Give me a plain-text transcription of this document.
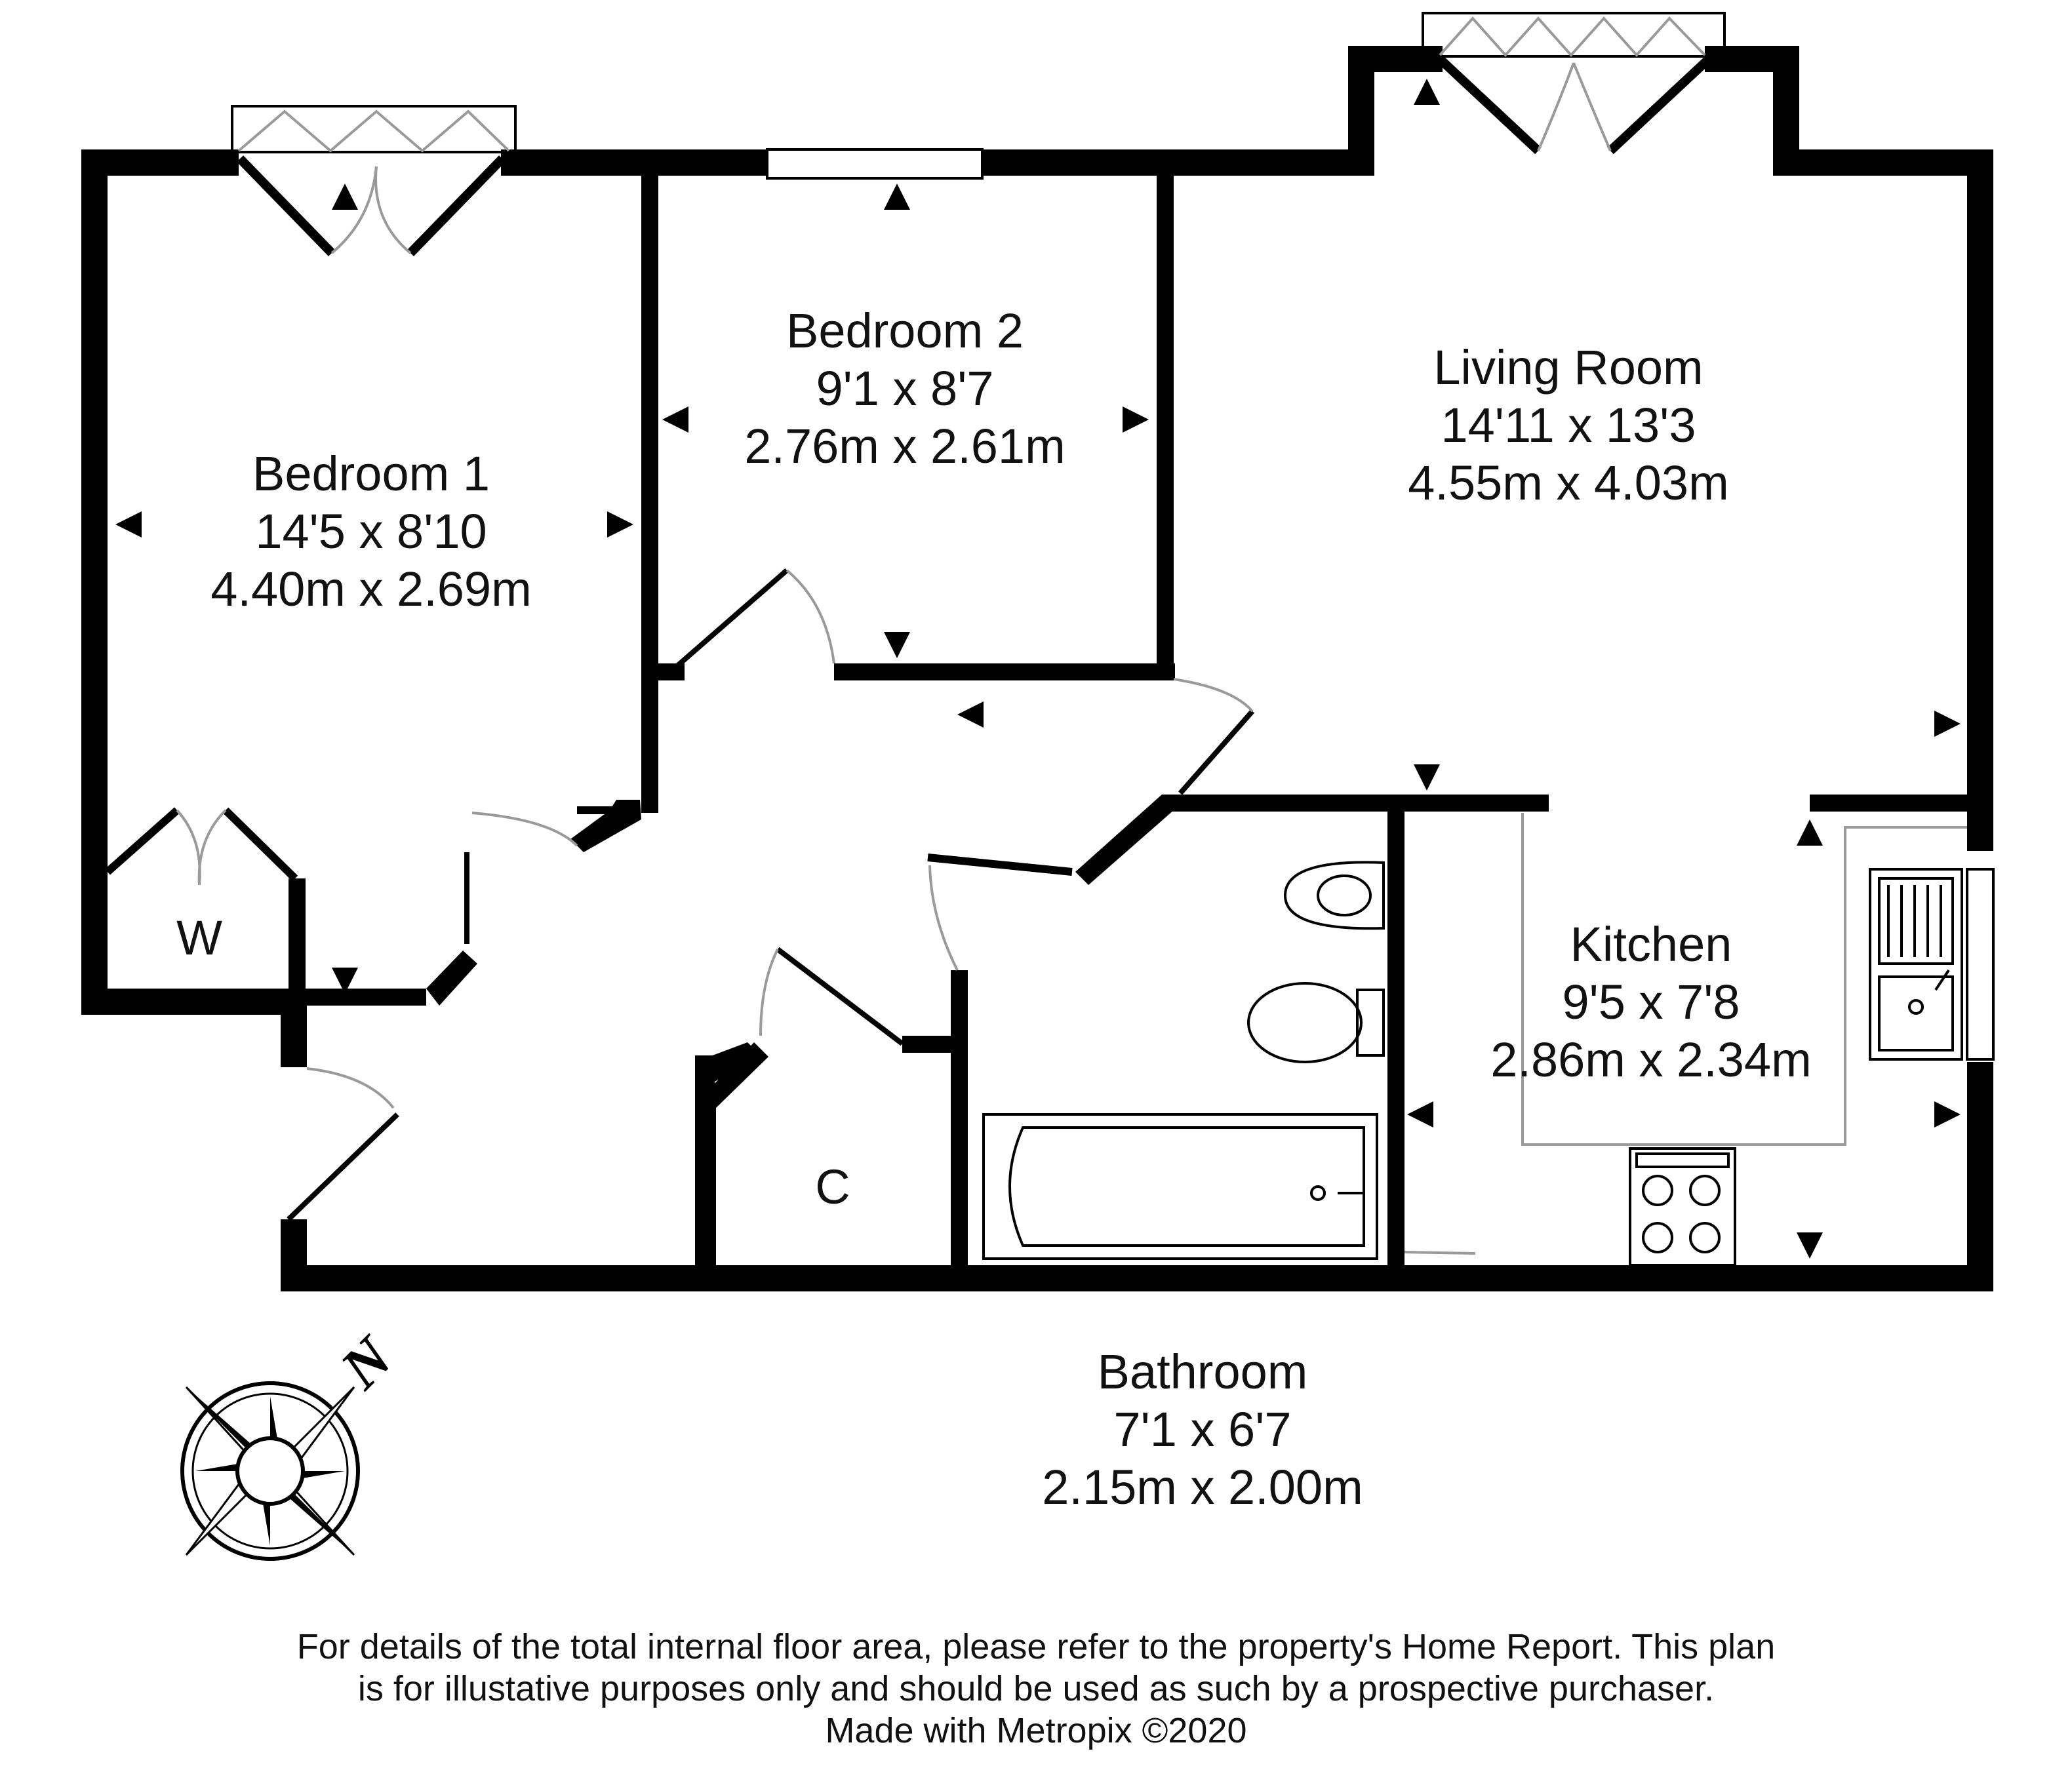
Bedroom 1
14'5 x 8'10
4.40m x 2.69m
Bedroom 2
9'1 x 8'7
2.76m x 2.61m
Living Room
14'11 x 13'3
4.55m x 4.03m
Kitchen
9'5 x 7'8
2.86m x 2.34m
Bathroom
7'1 x 6'7
2.15m x 2.00m
W
C
N
For details of the total internal floor area, please refer to the property's Home Report. This plan
is for illustative purposes only and should be used as such by a prospective purchaser.
Made with Metropix ©2020
